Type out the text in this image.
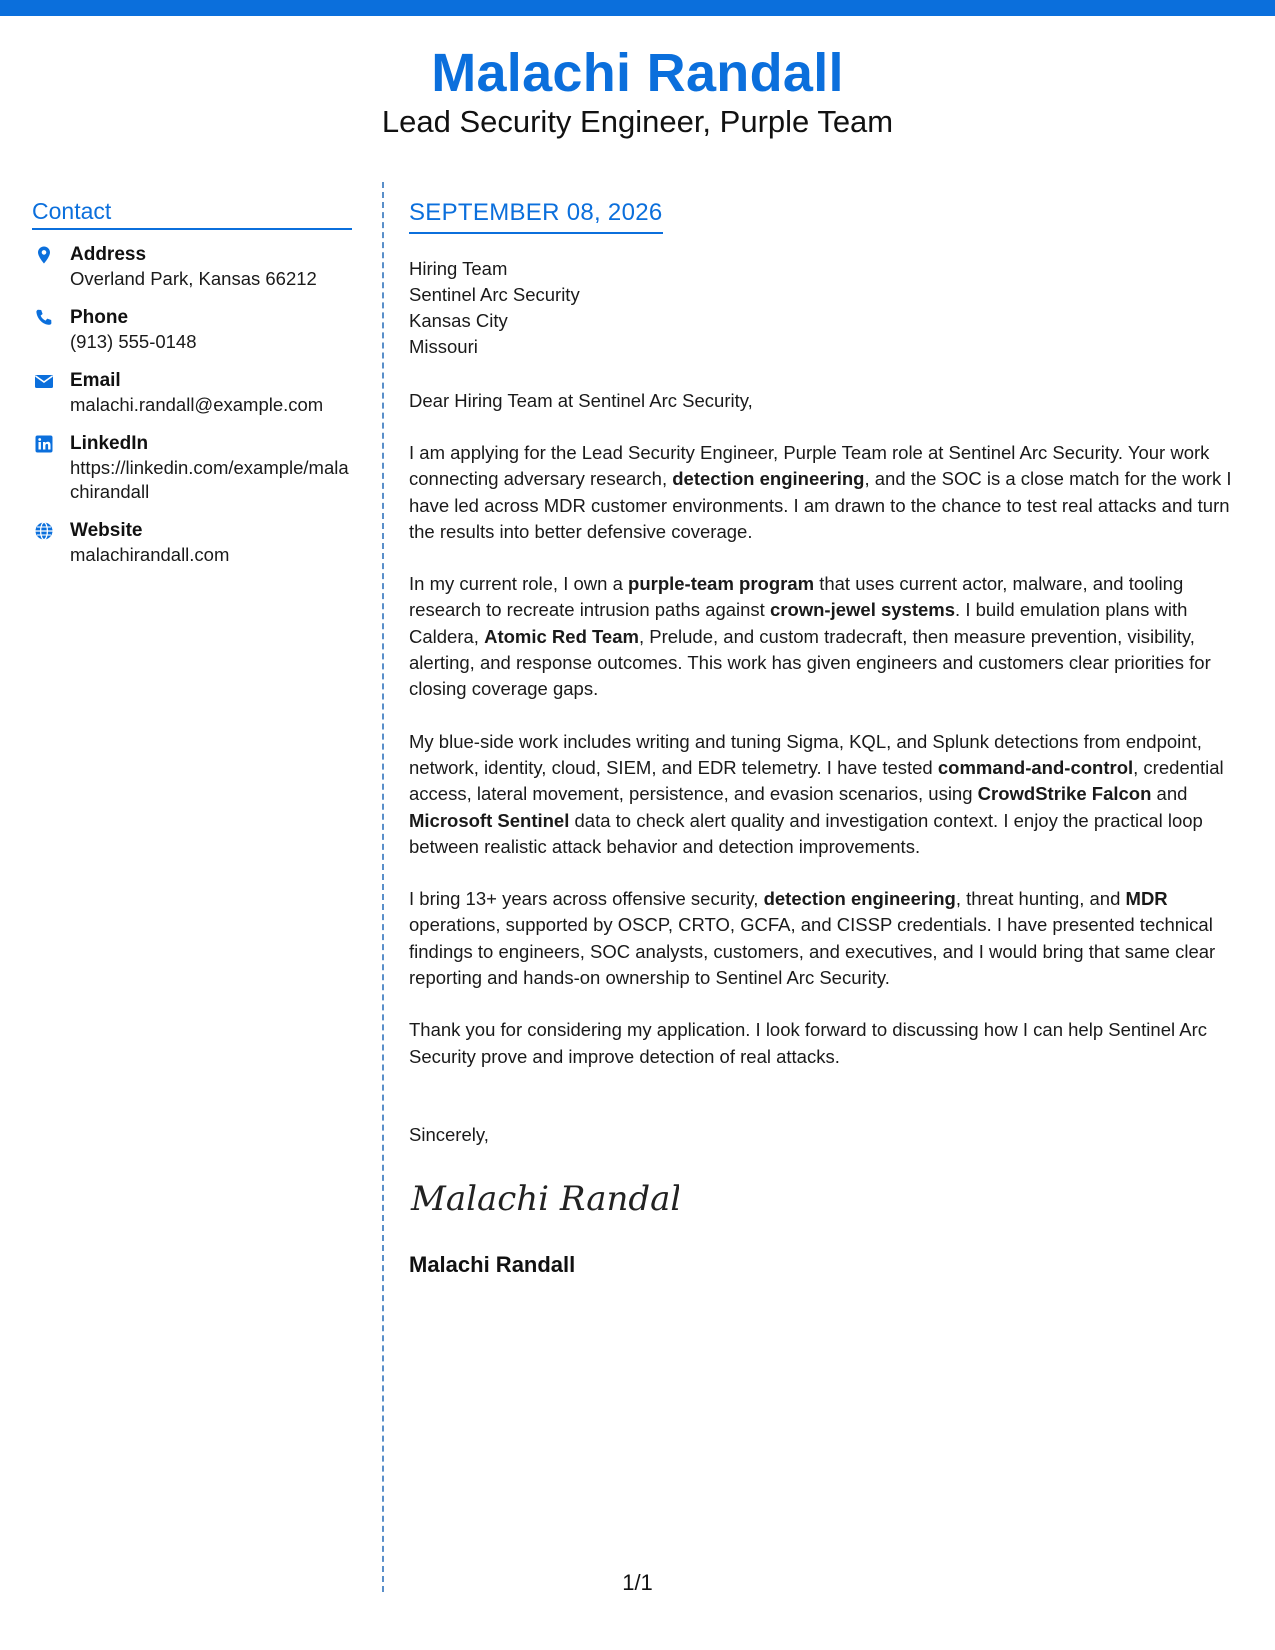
Malachi Randall
Lead Security Engineer, Purple Team
Contact
Address
Overland Park, Kansas 66212
Phone
(913) 555-0148
Email
malachi.randall@example.com
LinkedIn
https://linkedin.com/example/malachirandall
Website
malachirandall.com
SEPTEMBER 08, 2026
Hiring Team
Sentinel Arc Security
Kansas City
Missouri
Dear Hiring Team at Sentinel Arc Security,
I am applying for the Lead Security Engineer, Purple Team role at Sentinel Arc Security. Your work connecting adversary research, detection engineering, and the SOC is a close match for the work I have led across MDR customer environments. I am drawn to the chance to test real attacks and turn the results into better defensive coverage.
In my current role, I own a purple-team program that uses current actor, malware, and tooling research to recreate intrusion paths against crown-jewel systems. I build emulation plans with Caldera, Atomic Red Team, Prelude, and custom tradecraft, then measure prevention, visibility, alerting, and response outcomes. This work has given engineers and customers clear priorities for closing coverage gaps.
My blue-side work includes writing and tuning Sigma, KQL, and Splunk detections from endpoint, network, identity, cloud, SIEM, and EDR telemetry. I have tested command-and-control, credential access, lateral movement, persistence, and evasion scenarios, using CrowdStrike Falcon and Microsoft Sentinel data to check alert quality and investigation context. I enjoy the practical loop between realistic attack behavior and detection improvements.
I bring 13+ years across offensive security, detection engineering, threat hunting, and MDR operations, supported by OSCP, CRTO, GCFA, and CISSP credentials. I have presented technical findings to engineers, SOC analysts, customers, and executives, and I would bring that same clear reporting and hands-on ownership to Sentinel Arc Security.
Thank you for considering my application. I look forward to discussing how I can help Sentinel Arc Security prove and improve detection of real attacks.
Sincerely,
Malachi Randall
Malachi Randall
1/1
